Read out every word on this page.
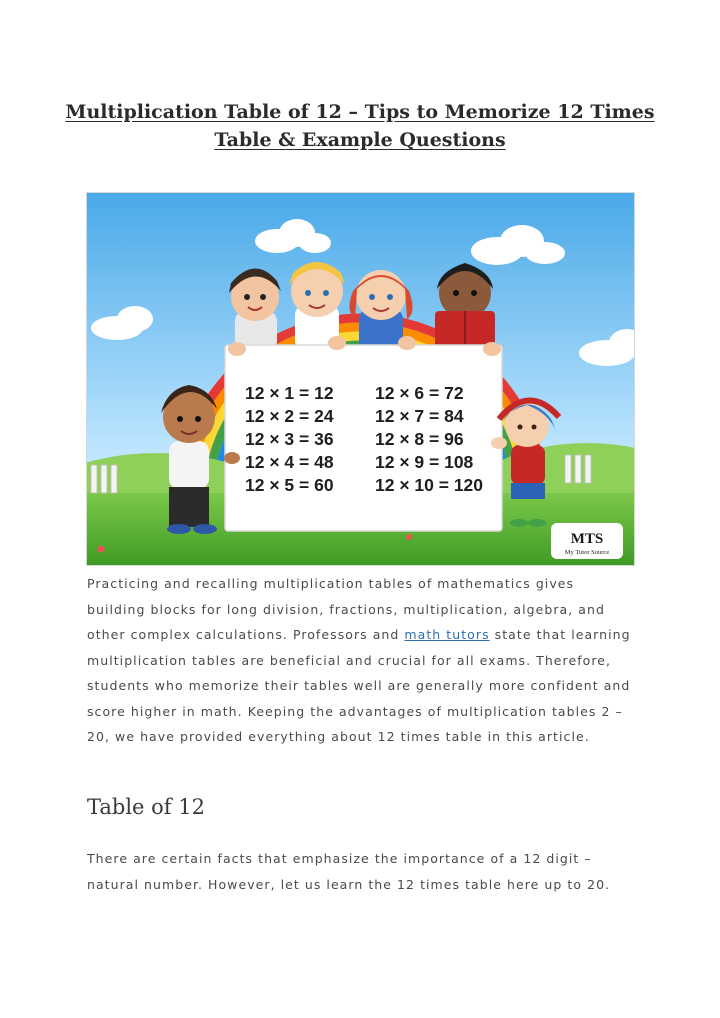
Multiplication Table of 12 – Tips to Memorize 12 Times Table & Example Questions
12 × 1 = 12
12 × 2 = 24
12 × 3 = 36
12 × 4 = 48
12 × 5 = 60
12 × 6 = 72
12 × 7 = 84
12 × 8 = 96
12 × 9 = 108
12 × 10 = 120
MTS
My Tutor Source

Practicing and recalling multiplication tables of mathematics gives building blocks for long division, fractions, multiplication, algebra, and other complex calculations. Professors and math tutors state that learning multiplication tables are beneficial and crucial for all exams. Therefore, students who memorize their tables well are generally more confident and score higher in math. Keeping the advantages of multiplication tables 2 – 20, we have provided everything about 12 times table in this article.

Table of 12

There are certain facts that emphasize the importance of a 12 digit – natural number. However, let us learn the 12 times table here up to 20.
